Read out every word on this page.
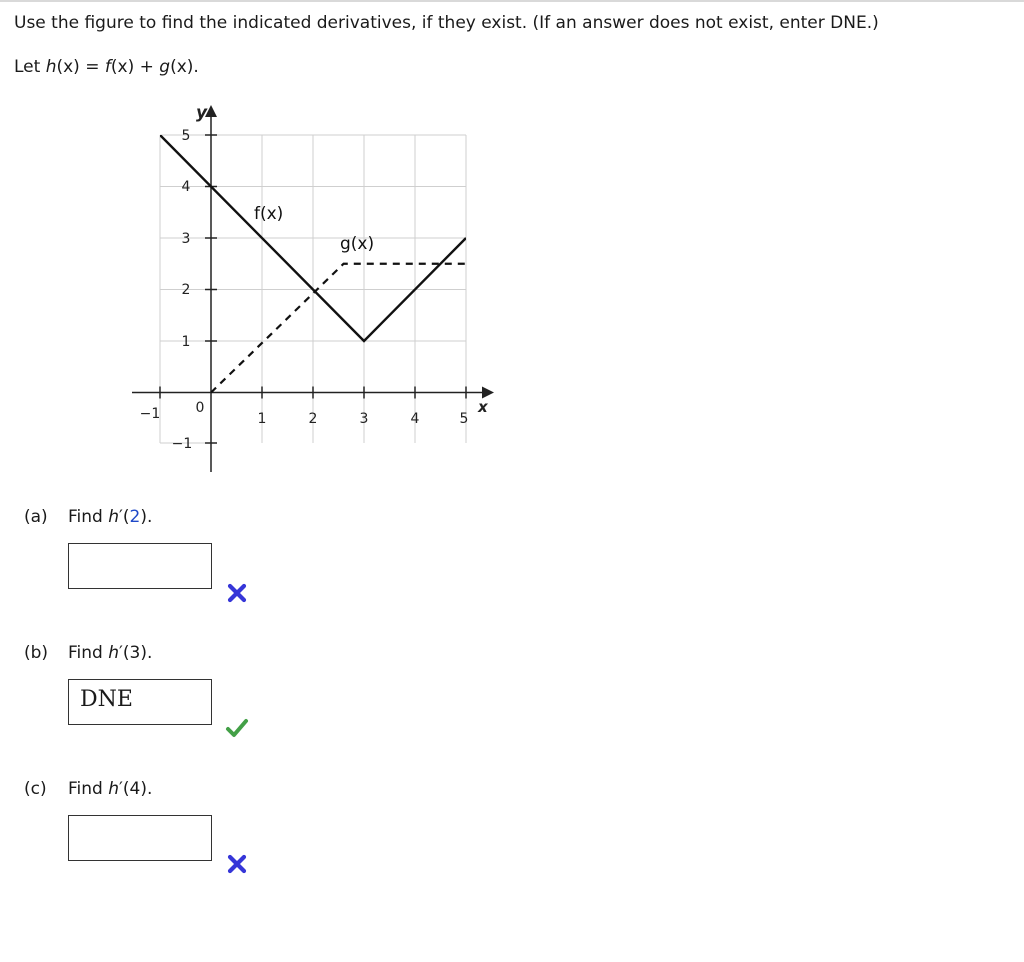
Use the figure to find the indicated derivatives, if they exist. (If an answer does not exist, enter DNE.)
Let h(x) = f(x) + g(x).
−1	0
1	2	3	4	5
5
4
3
2
1
−1
y
x
f(x)
g(x)
(a) Find h′(2).
(b) Find h′(3).
DNE
(c) Find h′(4).
